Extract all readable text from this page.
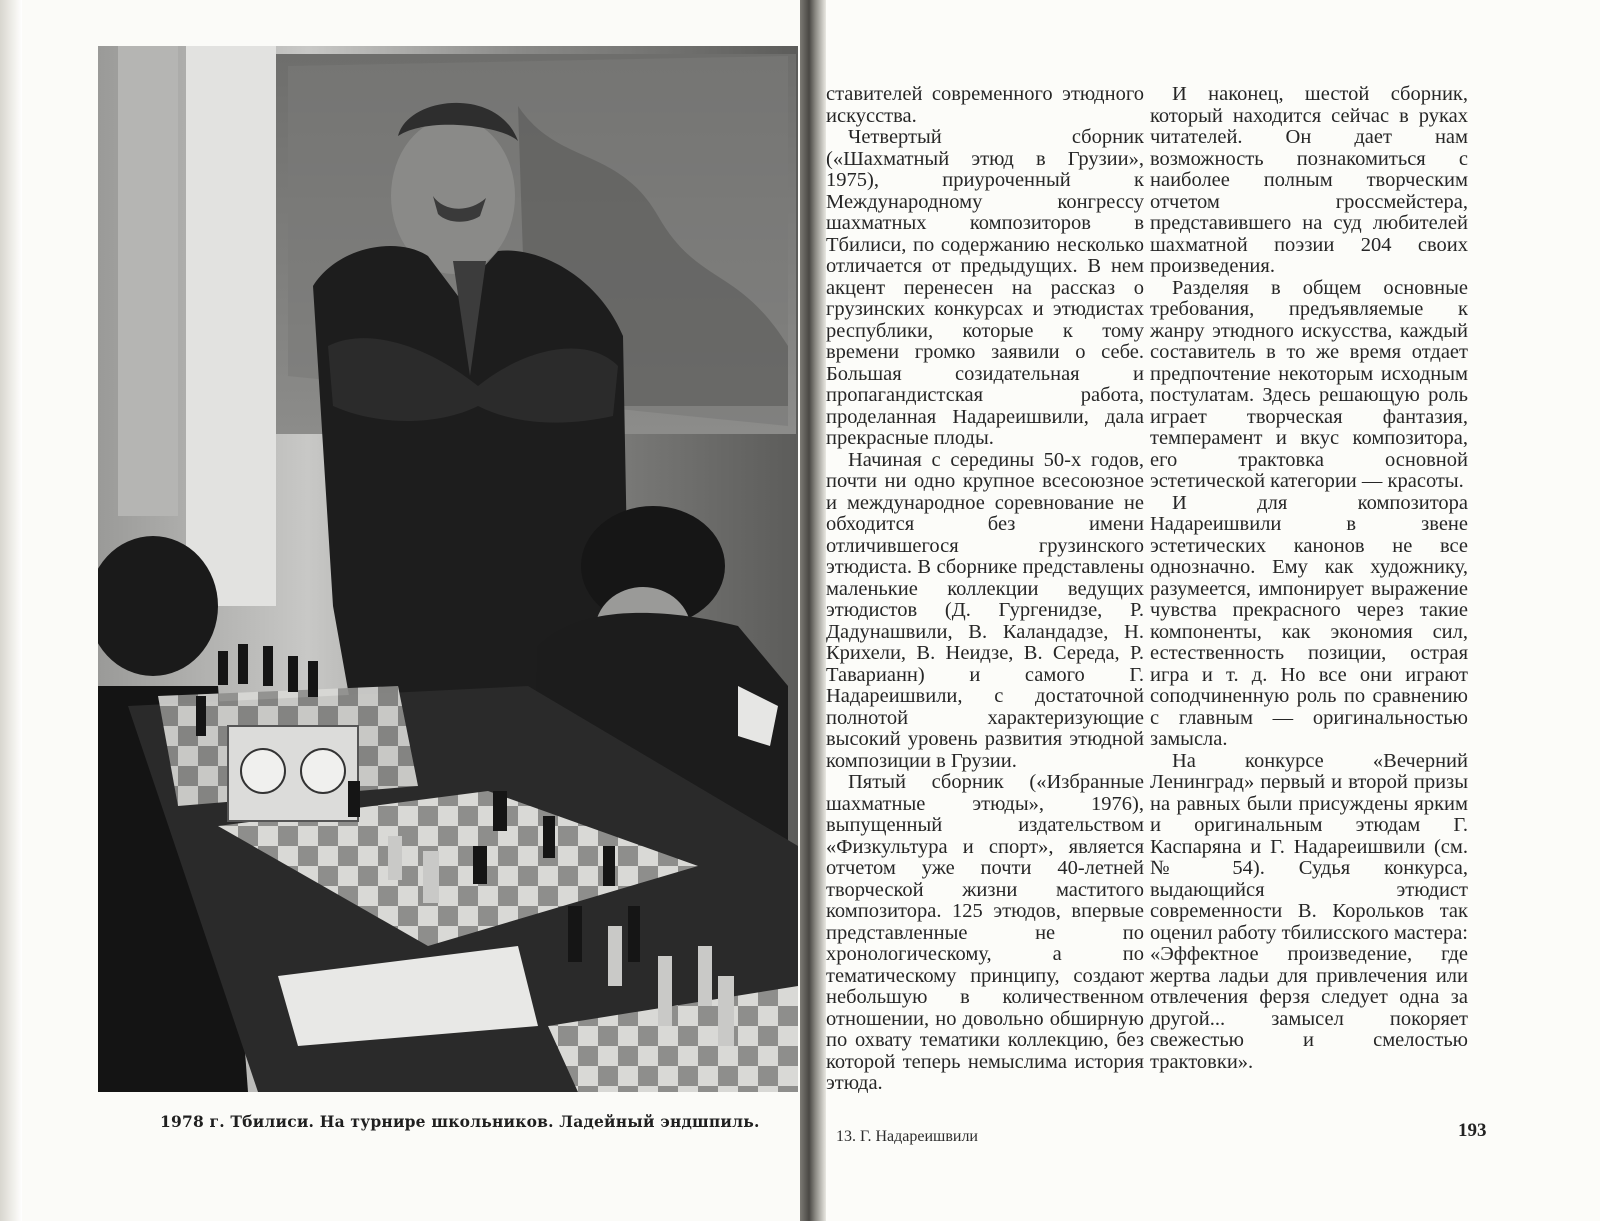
1978 г. Тбилиси. На турнире школьников. Ладейный эндшпиль.

ставителей современного этюдного искусства.

Четвертый сборник («Шахматный этюд в Грузии», 1975), приуроченный к Международному конгрессу шахматных композиторов в Тбилиси, по содержанию несколько отличается от предыдущих. В нем акцент перенесен на рассказ о грузинских конкурсах и этюдистах республики, которые к тому времени громко заявили о себе. Большая созидательная и пропагандистская работа, проделанная Надареишвили, дала прекрасные плоды.

Начиная с середины 50-х годов, почти ни одно крупное всесоюзное и международное соревнование не обходится без имени отличившегося грузинского этюдиста. В сборнике представлены маленькие коллекции ведущих этюдистов (Д. Гургенидзе, Р. Дадунашвили, В. Каландадзе, Н. Крихели, В. Неидзе, В. Середа, Р. Таварианн) и самого Г. Надареишвили, с достаточной полнотой характеризующие высокий уровень развития этюдной композиции в Грузии.

Пятый сборник («Избранные шахматные этюды», 1976), выпущенный издательством «Физкультура и спорт», является отчетом уже почти 40-летней творческой жизни маститого композитора. 125 этюдов, впервые представленные не по хронологическому, а по тематическому принципу, создают небольшую в количественном отношении, но довольно обширную по охвату тематики коллекцию, без которой теперь немыслима история этюда.

И наконец, шестой сборник, который находится сейчас в руках читателей. Он дает нам возможность познакомиться с наиболее полным творческим отчетом гроссмейстера, представившего на суд любителей шахматной поэзии 204 своих произведения.

Разделяя в общем основные требования, предъявляемые к жанру этюдного искусства, каждый составитель в то же время отдает предпочтение некоторым исходным постулатам. Здесь решающую роль играет творческая фантазия, темперамент и вкус композитора, его трактовка основной эстетической категории — красоты.

И для композитора Надареишвили в звене эстетических канонов не все однозначно. Ему как художнику, разумеется, импонирует выражение чувства прекрасного через такие компоненты, как экономия сил, естественность позиции, острая игра и т. д. Но все они играют соподчиненную роль по сравнению с главным — оригинальностью замысла.

На конкурсе «Вечерний Ленинград» первый и второй призы на равных были присуждены ярким и оригинальным этюдам Г. Каспаряна и Г. Надареишвили (см. № 54). Судья конкурса, выдающийся этюдист современности В. Корольков так оценил работу тбилисского мастера: «Эффектное произведение, где жертва ладьи для привлечения или отвлечения ферзя следует одна за другой... замысел покоряет свежестью и смелостью трактовки».

13. Г. Надареишвили	193
